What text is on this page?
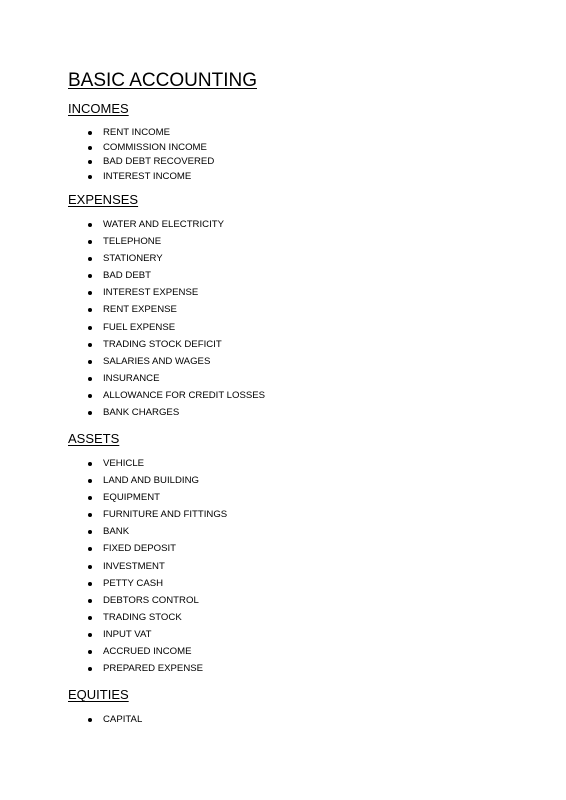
BASIC ACCOUNTING
INCOMES
RENT INCOME
COMMISSION INCOME
BAD DEBT RECOVERED
INTEREST INCOME
EXPENSES
WATER AND ELECTRICITY
TELEPHONE
STATIONERY
BAD DEBT
INTEREST EXPENSE
RENT EXPENSE
FUEL EXPENSE
TRADING STOCK DEFICIT
SALARIES AND WAGES
INSURANCE
ALLOWANCE FOR CREDIT LOSSES
BANK CHARGES
ASSETS
VEHICLE
LAND AND BUILDING
EQUIPMENT
FURNITURE AND FITTINGS
BANK
FIXED DEPOSIT
INVESTMENT
PETTY CASH
DEBTORS CONTROL
TRADING STOCK
INPUT VAT
ACCRUED INCOME
PREPARED EXPENSE
EQUITIES
CAPITAL
